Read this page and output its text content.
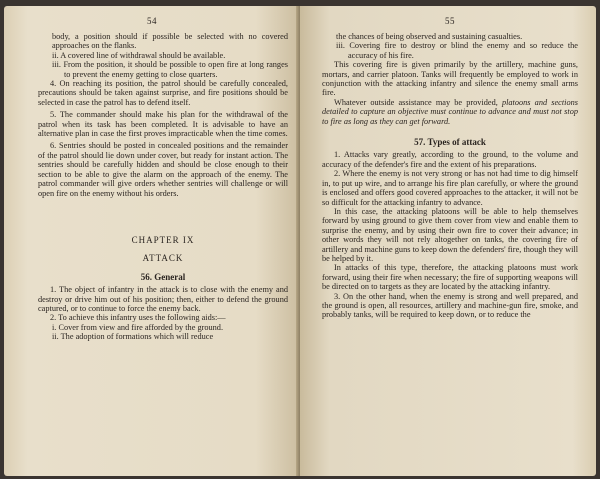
54

body, a position should if possible be selected with no covered approaches on the flanks.

ii. A covered line of withdrawal should be available.

iii. From the position, it should be possible to open fire at long ranges to prevent the enemy getting to close quarters.

4. On reaching its position, the patrol should be carefully concealed, precautions should be taken against surprise, and fire positions should be selected in case the patrol has to defend itself.

5. The commander should make his plan for the withdrawal of the patrol when its task has been completed. It is advisable to have an alternative plan in case the first proves impracticable when the time comes.

6. Sentries should be posted in concealed positions and the remainder of the patrol should lie down under cover, but ready for instant action. The sentries should be carefully hidden and should be close enough to their section to be able to give the alarm on the approach of the enemy. The patrol commander will give orders whether sentries will challenge or will open fire on the enemy without his orders.

CHAPTER IX

ATTACK

56. General

1. The object of infantry in the attack is to close with the enemy and destroy or drive him out of his position; then, either to defend the ground captured, or to continue to force the enemy back.

2. To achieve this infantry uses the following aids:—

i. Cover from view and fire afforded by the ground.

ii. The adoption of formations which will reduce

55

the chances of being observed and sustaining casualties.

iii. Covering fire to destroy or blind the enemy and so reduce the accuracy of his fire.

This covering fire is given primarily by the artillery, machine guns, mortars, and carrier platoon. Tanks will frequently be employed to work in conjunction with the attacking infantry and silence the enemy small arms fire.

Whatever outside assistance may be provided, platoons and sections detailed to capture an objective must continue to advance and must not stop to fire as long as they can get forward.

57. Types of attack

1. Attacks vary greatly, according to the ground, to the volume and accuracy of the defender's fire and the extent of his preparations.

2. Where the enemy is not very strong or has not had time to dig himself in, to put up wire, and to arrange his fire plan carefully, or where the ground is enclosed and offers good covered approaches to the attacker, it will not be so difficult for the attacking infantry to advance.

In this case, the attacking platoons will be able to help themselves forward by using ground to give them cover from view and enable them to surprise the enemy, and by using their own fire to cover their advance; in other words they will not rely altogether on tanks, the covering fire of artillery and machine guns to keep down the defenders' fire, though they will be helped by it.

In attacks of this type, therefore, the attacking platoons must work forward, using their fire when necessary; the fire of supporting weapons will be directed on to targets as they are located by the attacking infantry.

3. On the other hand, when the enemy is strong and well prepared, and the ground is open, all resources, artillery and machine-gun fire, smoke, and probably tanks, will be required to keep down, or to reduce the
